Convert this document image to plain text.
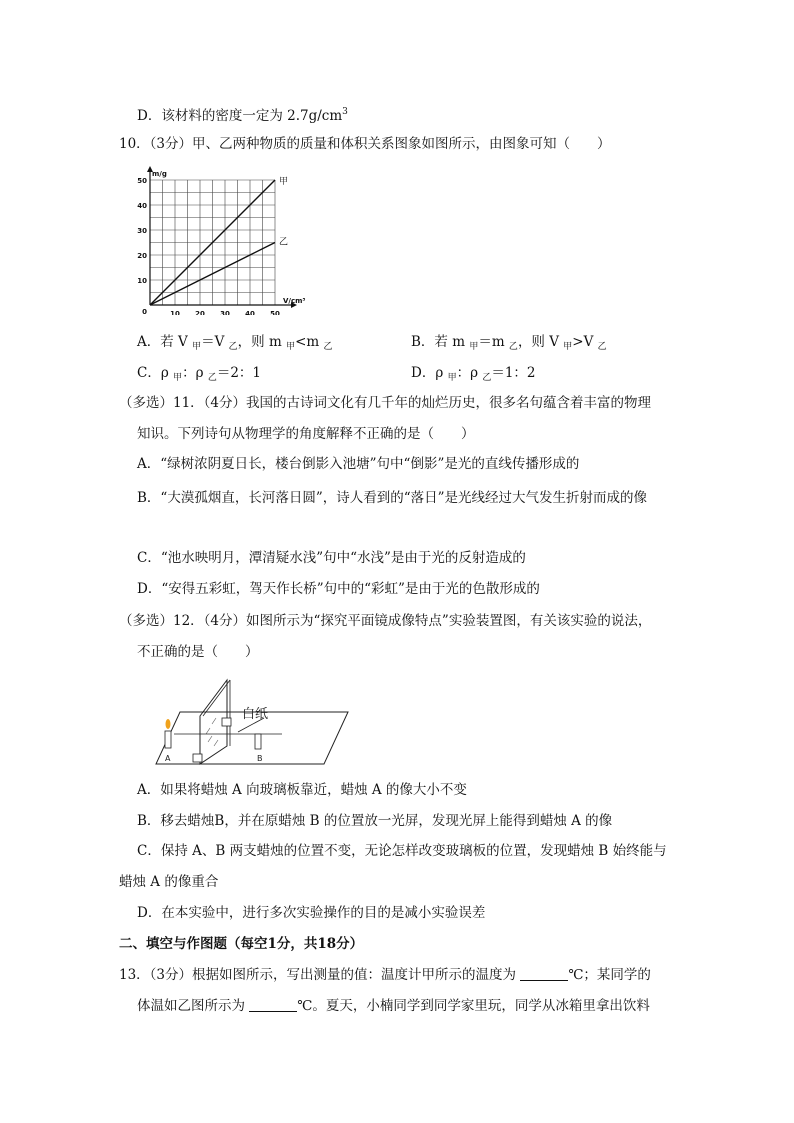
D．该材料的密度一定为 $2.7g/cm^3$
10．（3分）甲、乙两种物质的质量和体积关系图象如图所示，由图象可知（　　）
10 20 30 40 50
10
20
30
40
50
0
V/cm³
m/g
甲
乙
A．若 V $_甲$＝V $_乙$，则 m $_甲$<m $_乙$	B．若 m $_甲$＝m $_乙$，则 V $_甲$>V $_乙$
C．ρ $_甲$：ρ $_乙$＝2：1	D．ρ $_甲$：ρ $_乙$＝1：2
（多选）11．（4分）我国的古诗词文化有几千年的灿烂历史，很多名句蕴含着丰富的物理
知识。下列诗句从物理学的角度解释不正确的是（　　）
A．“绿树浓阴夏日长，楼台倒影入池塘”句中“倒影”是光的直线传播形成的
B．“大漠孤烟直，长河落日圆”，诗人看到的“落日”是光线经过大气发生折射而成的像
C．“池水映明月，潭清疑水浅”句中“水浅”是由于光的反射造成的
D．“安得五彩虹，驾天作长桥”句中的“彩虹”是由于光的色散形成的
（多选）12．（4分）如图所示为“探究平面镜成像特点”实验装置图，有关该实验的说法，
不正确的是（　　）
A	B
白纸
A．如果将蜡烛 A 向玻璃板靠近，蜡烛 A 的像大小不变
B．移去蜡烛B，并在原蜡烛 B 的位置放一光屏，发现光屏上能得到蜡烛 A 的像
C．保持 A、B 两支蜡烛的位置不变，无论怎样改变玻璃板的位置，发现蜡烛 B 始终能与
蜡烛 A 的像重合
D．在本实验中，进行多次实验操作的目的是减小实验误差
二、填空与作图题（每空1分，共18分）
13．（3分）根据如图所示，写出测量的值：温度计甲所示的温度为	℃；某同学的
体温如乙图所示为	℃。夏天，小楠同学到同学家里玩，同学从冰箱里拿出饮料
